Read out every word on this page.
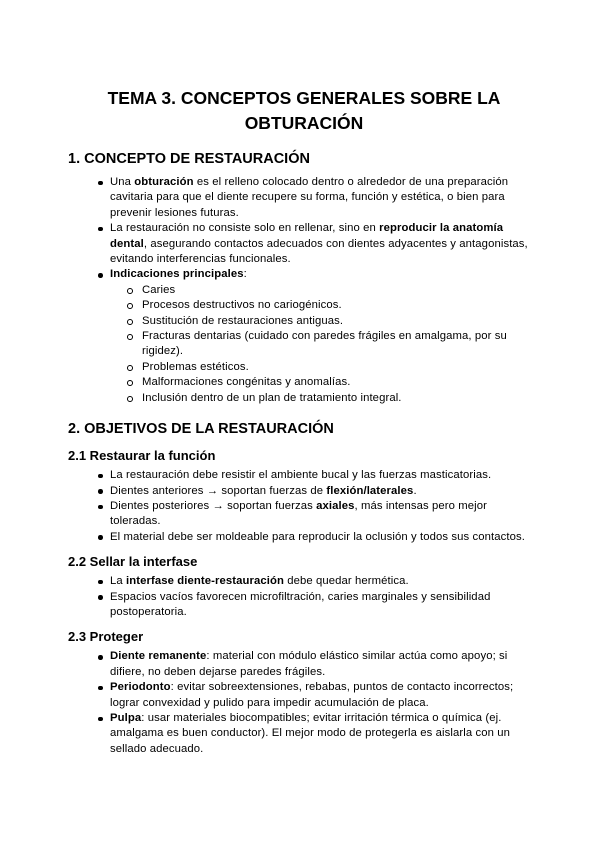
TEMA 3. CONCEPTOS GENERALES SOBRE LA
OBTURACIÓN
1. CONCEPTO DE RESTAURACIÓN
Una obturación es el relleno colocado dentro o alrededor de una preparación cavitaria para que el diente recupere su forma, función y estética, o bien para prevenir lesiones futuras.
La restauración no consiste solo en rellenar, sino en reproducir la anatomía dental, asegurando contactos adecuados con dientes adyacentes y antagonistas, evitando interferencias funcionales.
Indicaciones principales:
Caries
Procesos destructivos no cariogénicos.
Sustitución de restauraciones antiguas.
Fracturas dentarias (cuidado con paredes frágiles en amalgama, por su rigidez).
Problemas estéticos.
Malformaciones congénitas y anomalías.
Inclusión dentro de un plan de tratamiento integral.
2. OBJETIVOS DE LA RESTAURACIÓN
2.1 Restaurar la función
La restauración debe resistir el ambiente bucal y las fuerzas masticatorias.
Dientes anteriores → soportan fuerzas de flexión/laterales.
Dientes posteriores → soportan fuerzas axiales, más intensas pero mejor toleradas.
El material debe ser moldeable para reproducir la oclusión y todos sus contactos.
2.2 Sellar la interfase
La interfase diente-restauración debe quedar hermética.
Espacios vacíos favorecen microfiltración, caries marginales y sensibilidad postoperatoria.
2.3 Proteger
Diente remanente: material con módulo elástico similar actúa como apoyo; si difiere, no deben dejarse paredes frágiles.
Periodonto: evitar sobreextensiones, rebabas, puntos de contacto incorrectos; lograr convexidad y pulido para impedir acumulación de placa.
Pulpa: usar materiales biocompatibles; evitar irritación térmica o química (ej. amalgama es buen conductor). El mejor modo de protegerla es aislarla con un sellado adecuado.
